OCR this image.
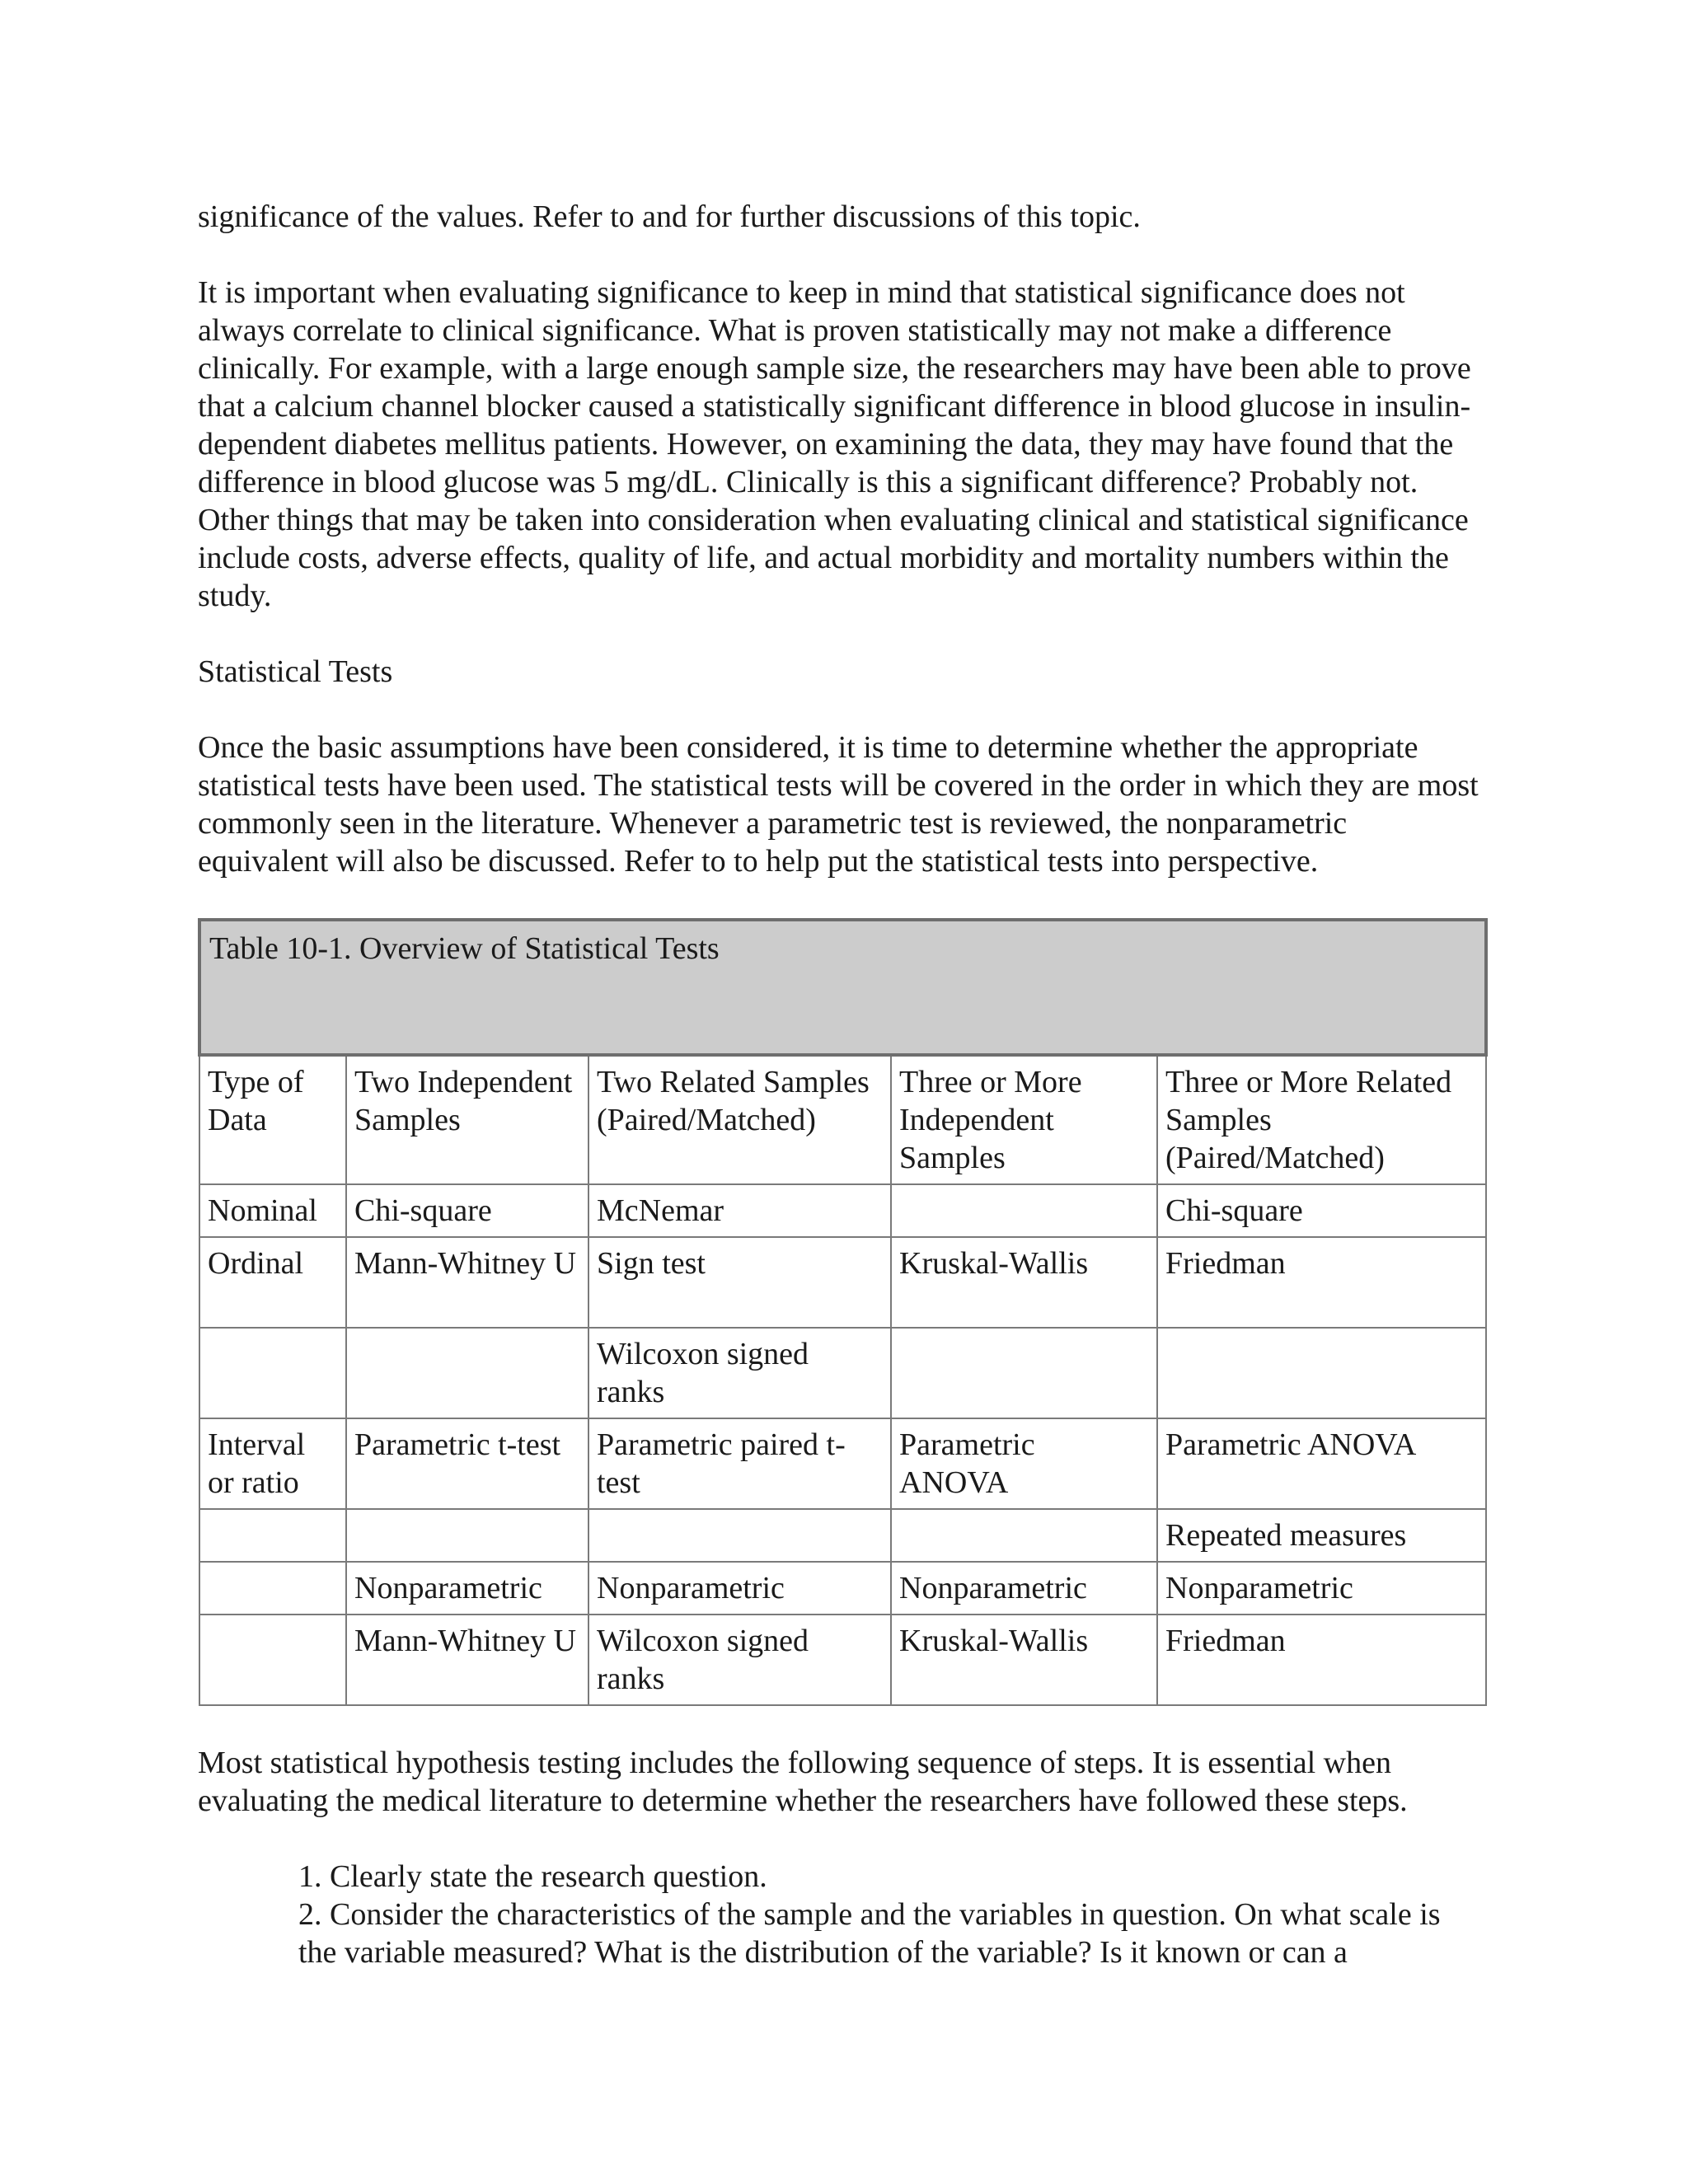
significance of the values. Refer to and for further discussions of this topic.

It is important when evaluating significance to keep in mind that statistical significance does not always correlate to clinical significance. What is proven statistically may not make a difference clinically. For example, with a large enough sample size, the researchers may have been able to prove that a calcium channel blocker caused a statistically significant difference in blood glucose in insulin-dependent diabetes mellitus patients. However, on examining the data, they may have found that the difference in blood glucose was 5 mg/dL. Clinically is this a significant difference? Probably not. Other things that may be taken into consideration when evaluating clinical and statistical significance include costs, adverse effects, quality of life, and actual morbidity and mortality numbers within the study.

Statistical Tests

Once the basic assumptions have been considered, it is time to determine whether the appropriate statistical tests have been used. The statistical tests will be covered in the order in which they are most commonly seen in the literature. Whenever a parametric test is reviewed, the nonparametric equivalent will also be discussed. Refer to to help put the statistical tests into perspective.

Table 10-1. Overview of Statistical Tests				
Type of Data	Two Independent Samples	Two Related Samples (Paired/Matched)	Three or More Independent Samples	Three or More Related Samples (Paired/Matched)
Nominal	Chi-square	McNemar		Chi-square
Ordinal	Mann-Whitney U	Sign test	Kruskal-Wallis	Friedman
		Wilcoxon signed ranks		
Interval or ratio	Parametric t-test	Parametric paired t-test	Parametric ANOVA	Parametric ANOVA
				Repeated measures
	Nonparametric	Nonparametric	Nonparametric	Nonparametric
	Mann-Whitney U	Wilcoxon signed ranks	Kruskal-Wallis	Friedman

Most statistical hypothesis testing includes the following sequence of steps. It is essential when evaluating the medical literature to determine whether the researchers have followed these steps.

1. Clearly state the research question.
2. Consider the characteristics of the sample and the variables in question. On what scale is the variable measured? What is the distribution of the variable? Is it known or can a
